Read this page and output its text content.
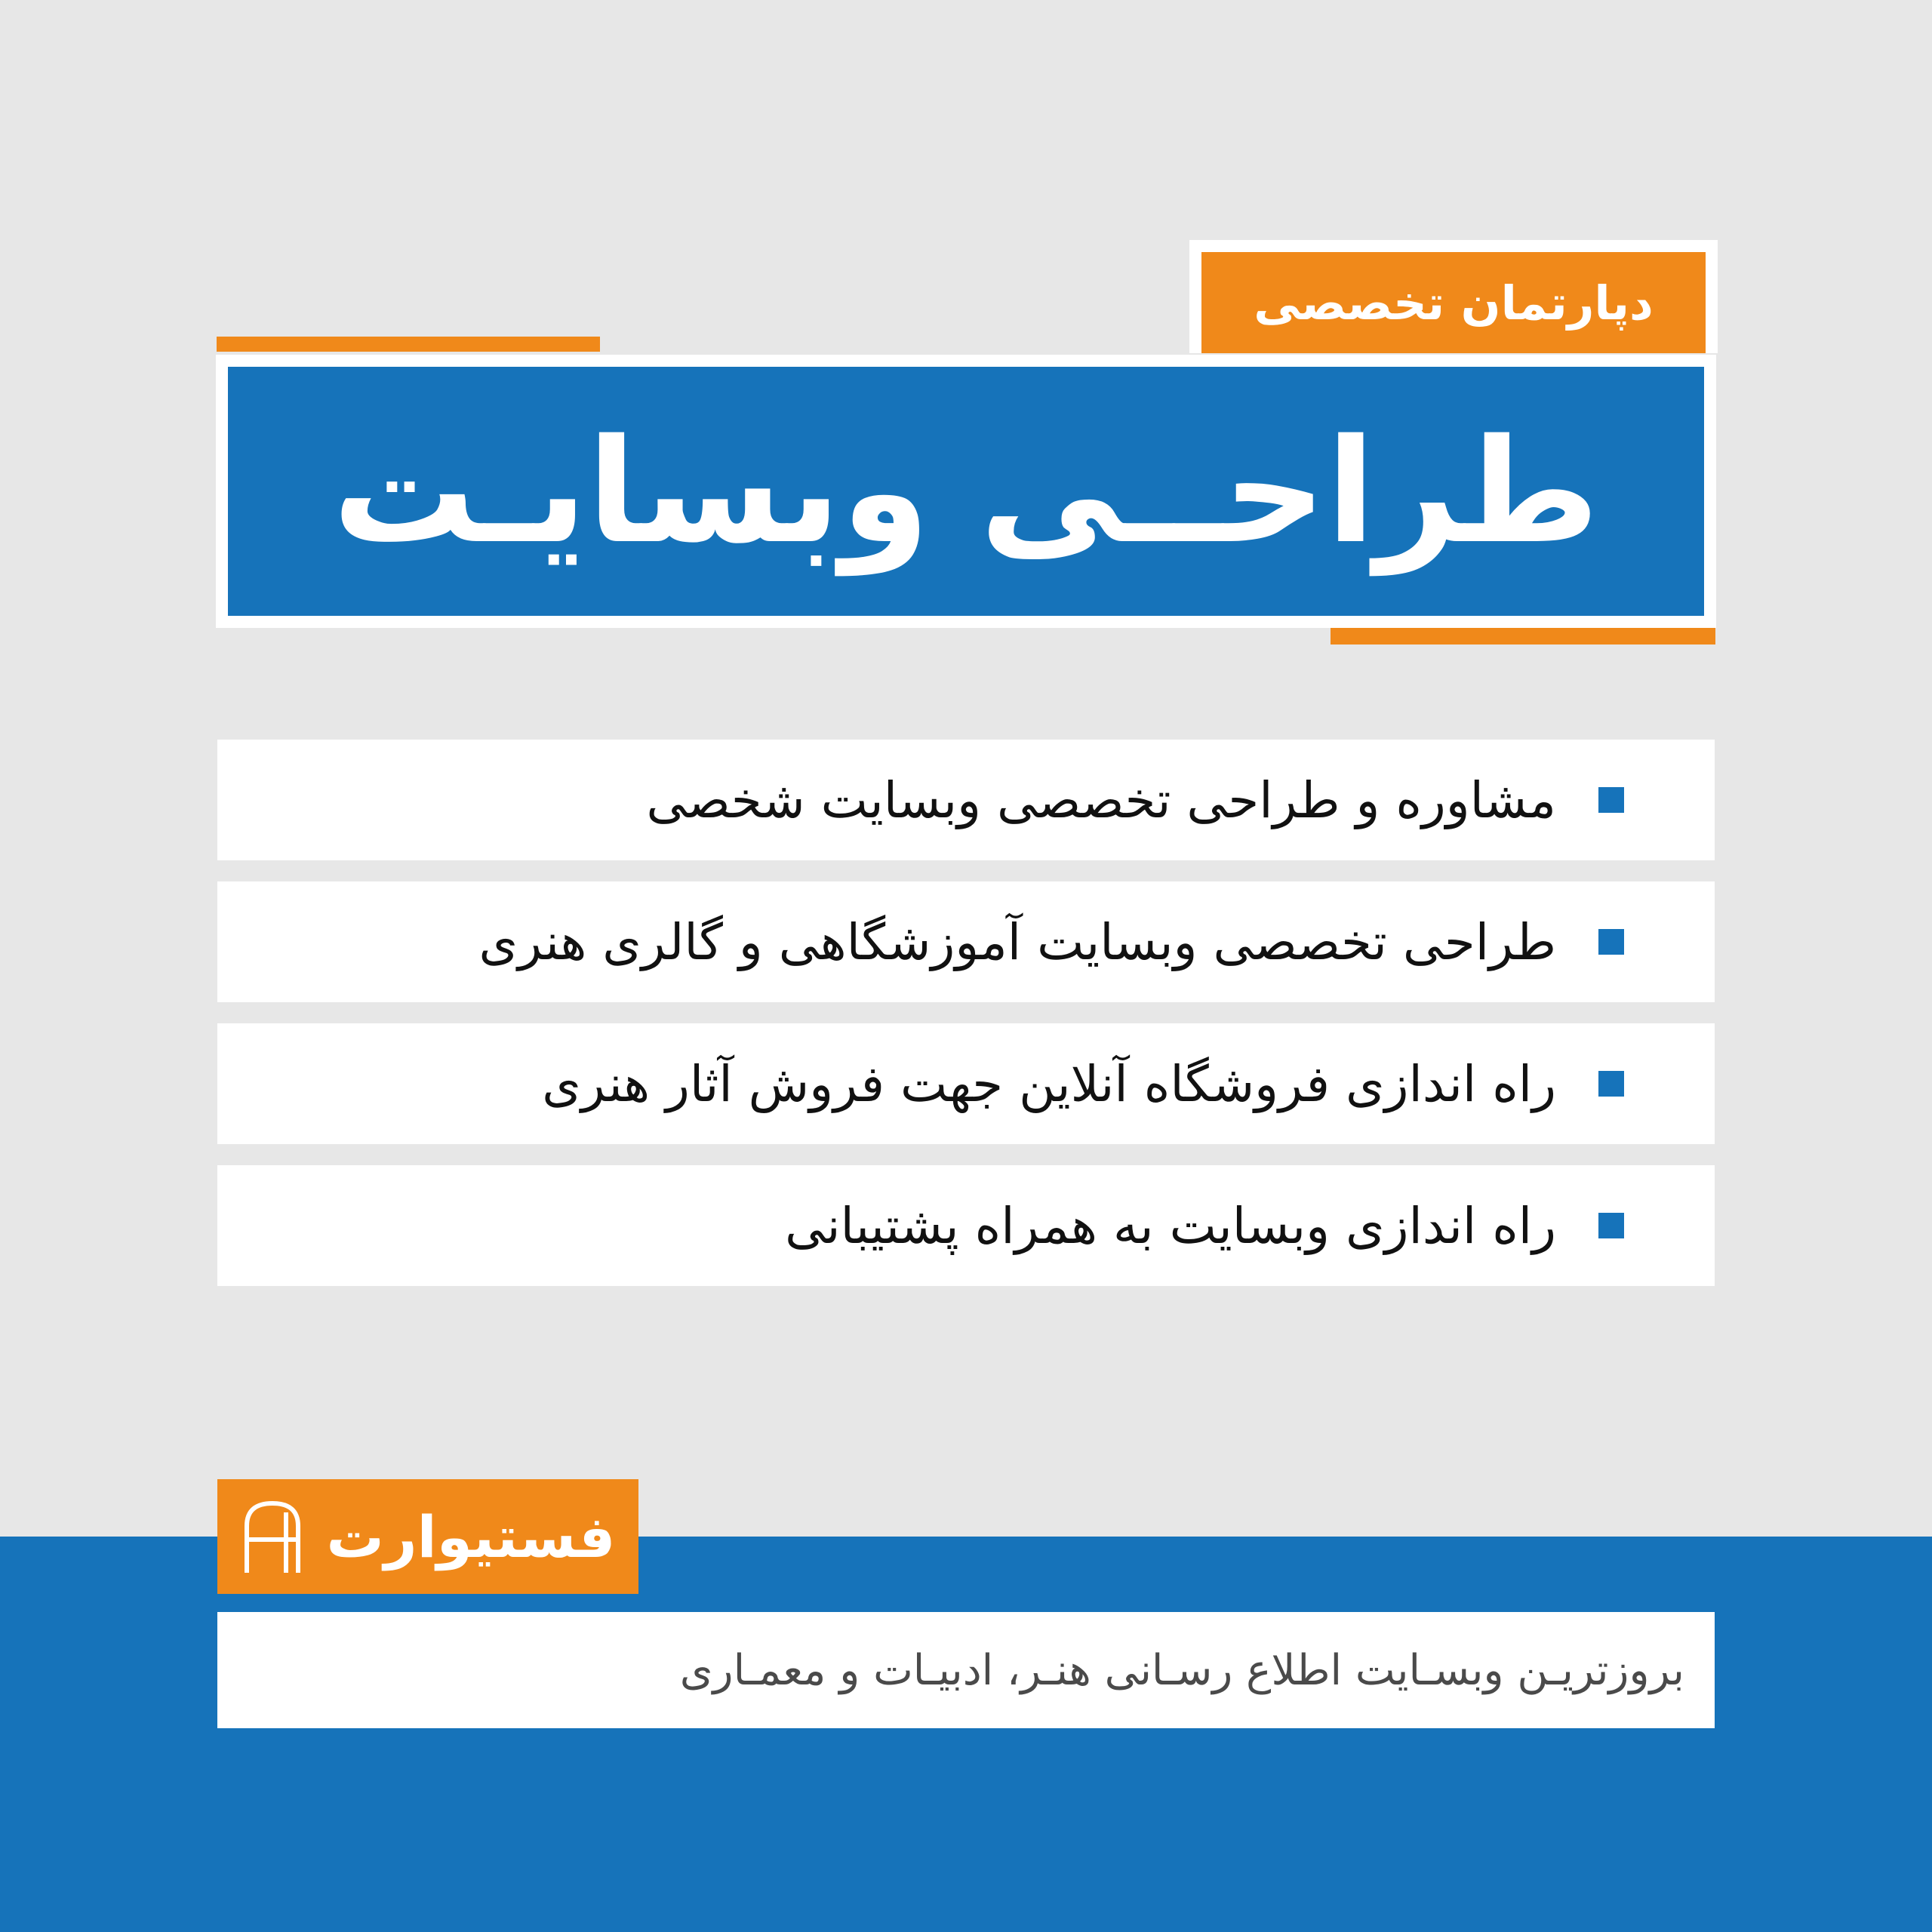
دپارتمان تخصصی
طراحــی وبسایـت
مشاوره و طراحی تخصصی وبسایت شخصی
طراحی تخصصی وبسایت آموزشگاهی و گالری هنری
راه اندازی فروشگاه آنلاین جهت فروش آثار هنری
راه اندازی وبسایت به همراه پشتیبانی
فستیوارت
بروزتریـن وبسـایت اطلاع رسـانی هنـر، ادبیـات و معمـاری
